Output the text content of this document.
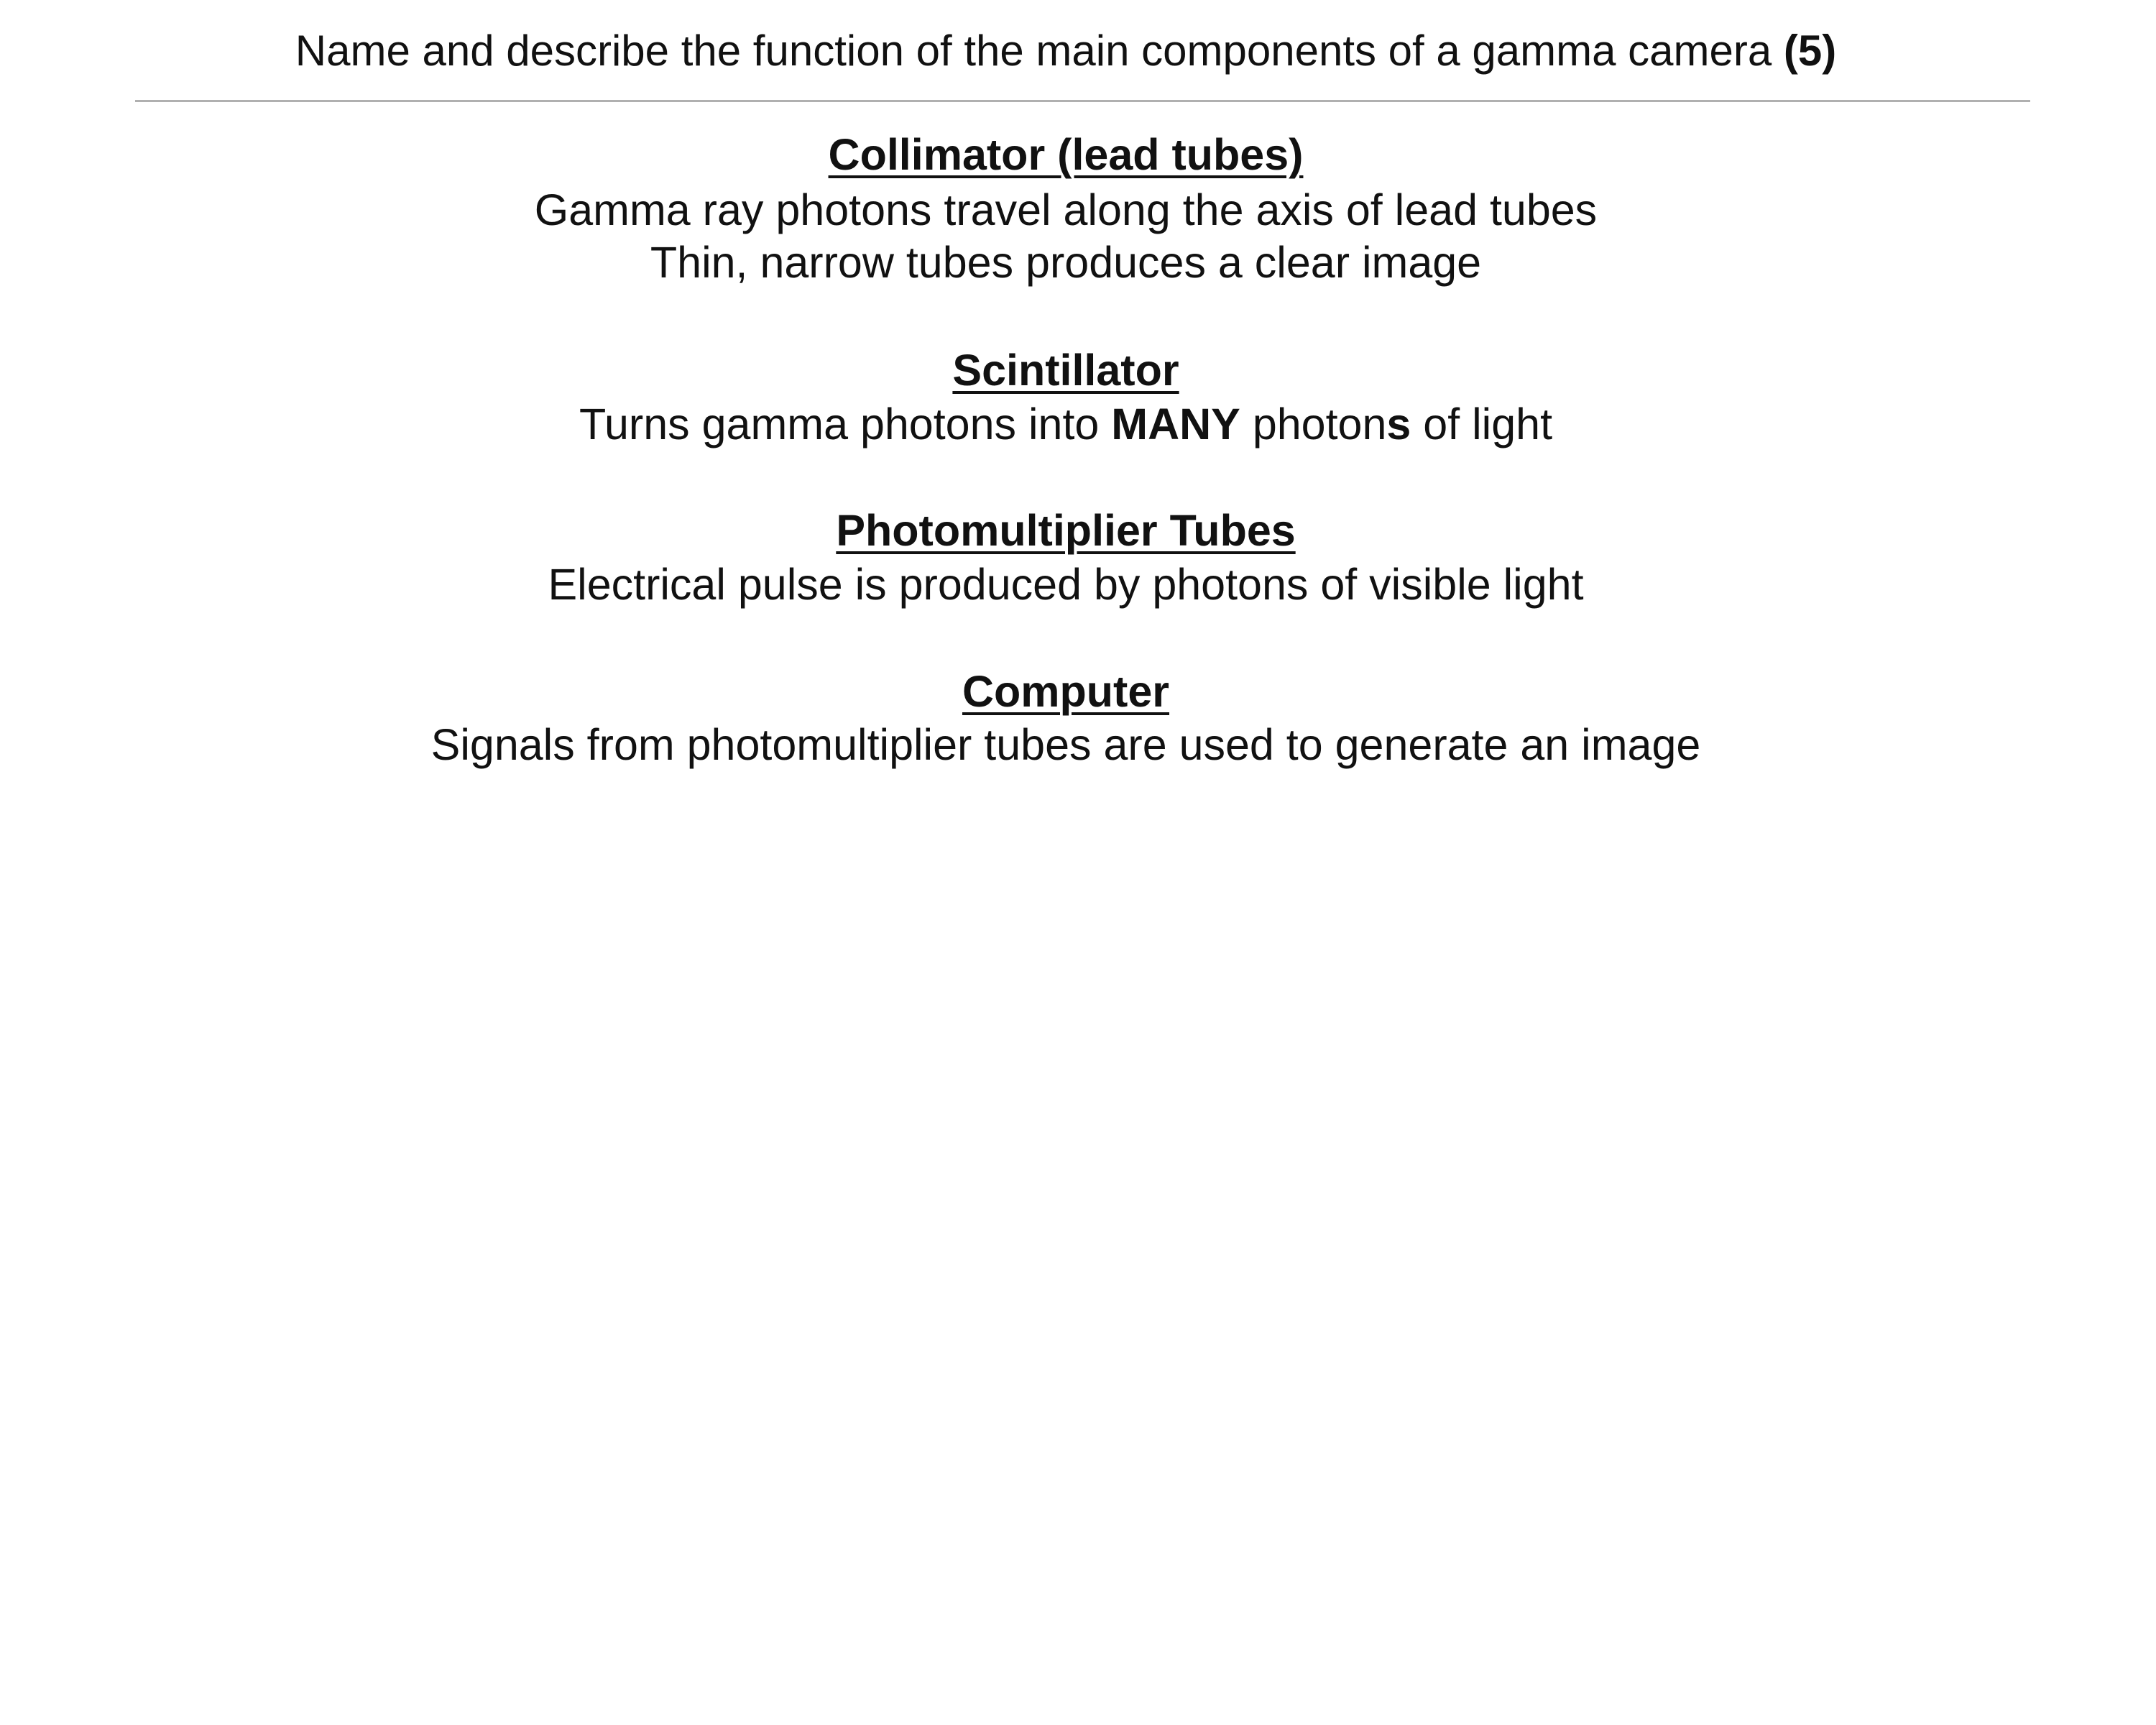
Name and describe the function of the main components of a gamma camera (5)
Collimator (lead tubes)
Gamma ray photons travel along the axis of lead tubes
Thin, narrow tubes produces a clear image
Scintillator
Turns gamma photons into MANY photons of light
Photomultiplier Tubes
Electrical pulse is produced by photons of visible light
Computer
Signals from photomultiplier tubes are used to generate an image
